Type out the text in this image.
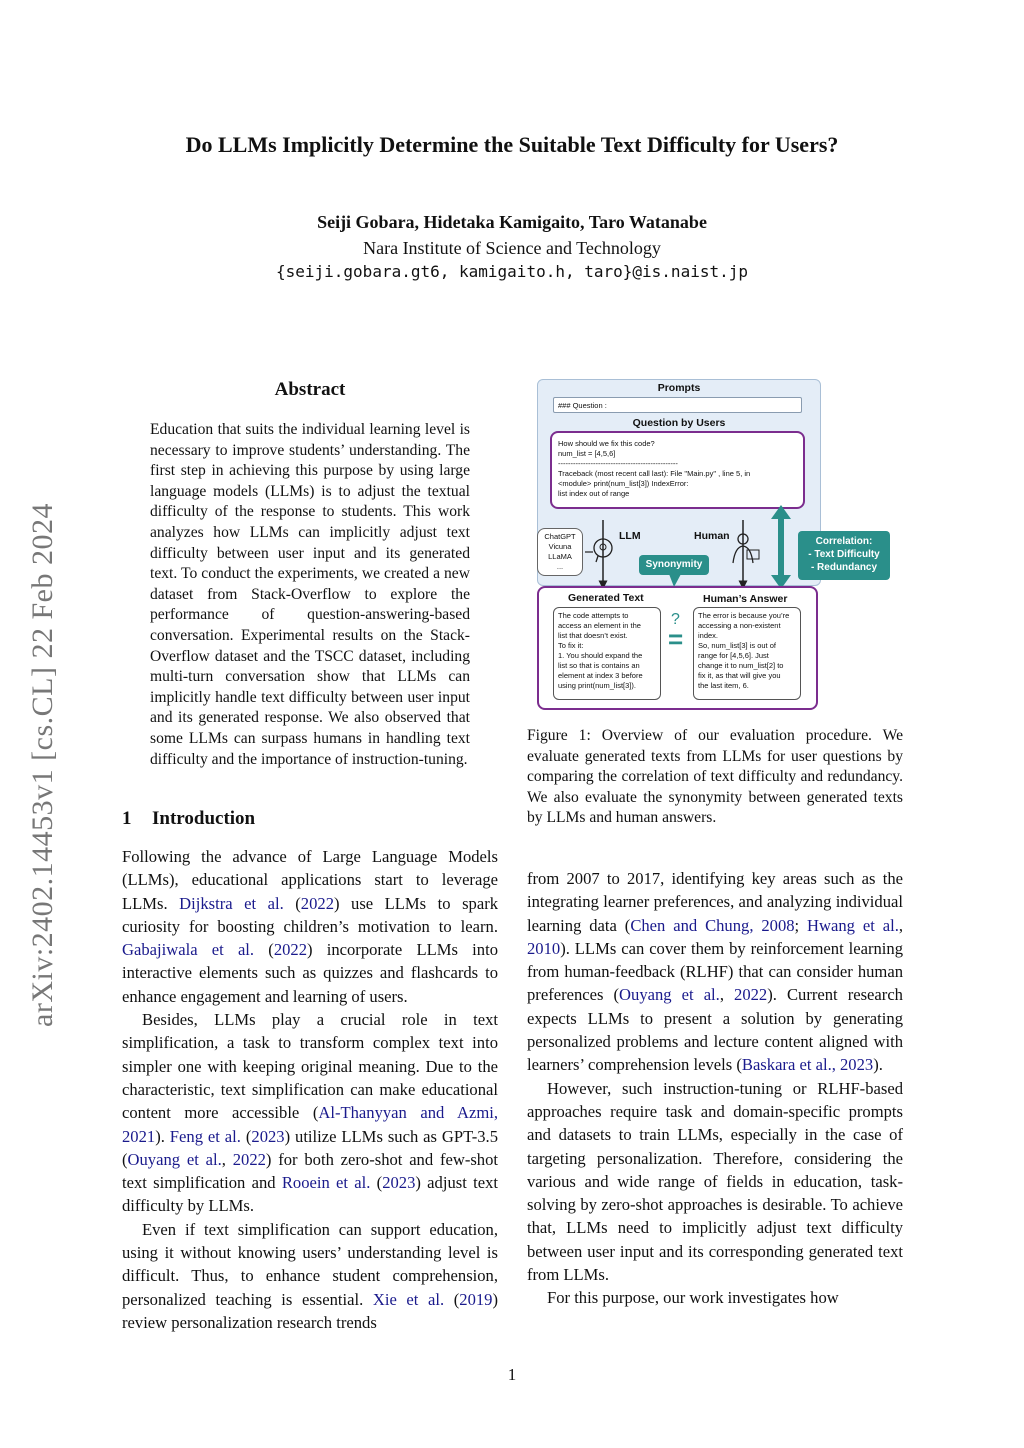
Do LLMs Implicitly Determine the Suitable Text Difficulty for Users?
Seiji Gobara, Hidetaka Kamigaito, Taro Watanabe
Nara Institute of Science and Technology
{seiji.gobara.gt6, kamigaito.h, taro}@is.naist.jp
arXiv:2402.14453v1 [cs.CL] 22 Feb 2024
Abstract
Education that suits the individual learning level is necessary to improve students’ understanding. The first step in achieving this purpose by using large language models (LLMs) is to adjust the textual difficulty of the response to students. This work analyzes how LLMs can implicitly adjust text difficulty between user input and its generated text. To conduct the experiments, we created a new dataset from Stack-Overflow to explore the performance of question-answering-based conversation. Experimental results on the Stack-Overflow dataset and the TSCC dataset, including multi-turn conversation show that LLMs can implicitly handle text difficulty between user input and its generated response. We also observed that some LLMs can surpass humans in handling text difficulty and the importance of instruction-tuning.
1 Introduction

Following the advance of Large Language Models (LLMs), educational applications start to leverage LLMs. Dijkstra et al. (2022) use LLMs to spark curiosity for boosting children’s motivation to learn. Gabajiwala et al. (2022) incorporate LLMs into interactive elements such as quizzes and flashcards to enhance engagement and learning of users.

Besides, LLMs play a crucial role in text simplification, a task to transform complex text into simpler one with keeping original meaning. Due to the characteristic, text simplification can make educational content more accessible (Al-Thanyyan and Azmi, 2021). Feng et al. (2023) utilize LLMs such as GPT-3.5 (Ouyang et al., 2022) for both zero-shot and few-shot text simplification and Rooein et al. (2023) adjust text difficulty by LLMs.

Even if text simplification can support education, using it without knowing users’ understanding level is difficult. Thus, to enhance student comprehension, personalized teaching is essential. Xie et al. (2019) review personalization research trends

Prompts
### Question :
Question by Users
How should we fix this code?
num_list = [4,5,6]
------------------------------------------------
Traceback (most recent call last): File "Main.py" , line 5, in
<module> print(num_list[3]) IndexError:
list index out of range
ChatGPT
Vicuna
LLaMA
...
LLM	Human
Synonymity
Correlation:
- Text Difficulty
- Redundancy
Generated Text	Human’s Answer
The code attempts to
access an element in the
list that doesn’t exist.
To fix it:
1. You should expand the
list so that is contains an
element at index 3 before
using print(num_list[3]).
?
=
The error is because you’re
accessing a non-existent
index.
So, num_list[3] is out of
range for [4,5,6]. Just
change it to num_list[2] to
fix it, as that will give you
the last item, 6.
Figure 1: Overview of our evaluation procedure. We evaluate generated texts from LLMs for user questions by comparing the correlation of text difficulty and redundancy. We also evaluate the synonymity between generated texts by LLMs and human answers.

from 2007 to 2017, identifying key areas such as the integrating learner preferences, and analyzing individual learning data (Chen and Chung, 2008; Hwang et al., 2010). LLMs can cover them by reinforcement learning from human-feedback (RLHF) that can consider human preferences (Ouyang et al., 2022). Current research expects LLMs to present a solution by generating personalized problems and lecture content aligned with learners’ comprehension levels (Baskara et al., 2023).

However, such instruction-tuning or RLHF-based approaches require task and domain-specific prompts and datasets to train LLMs, especially in the case of targeting personalization. Therefore, considering the various and wide range of fields in education, task-solving by zero-shot approaches is desirable. To achieve that, LLMs need to implicitly adjust text difficulty between user input and its corresponding generated text from LLMs.

For this purpose, our work investigates how

1
